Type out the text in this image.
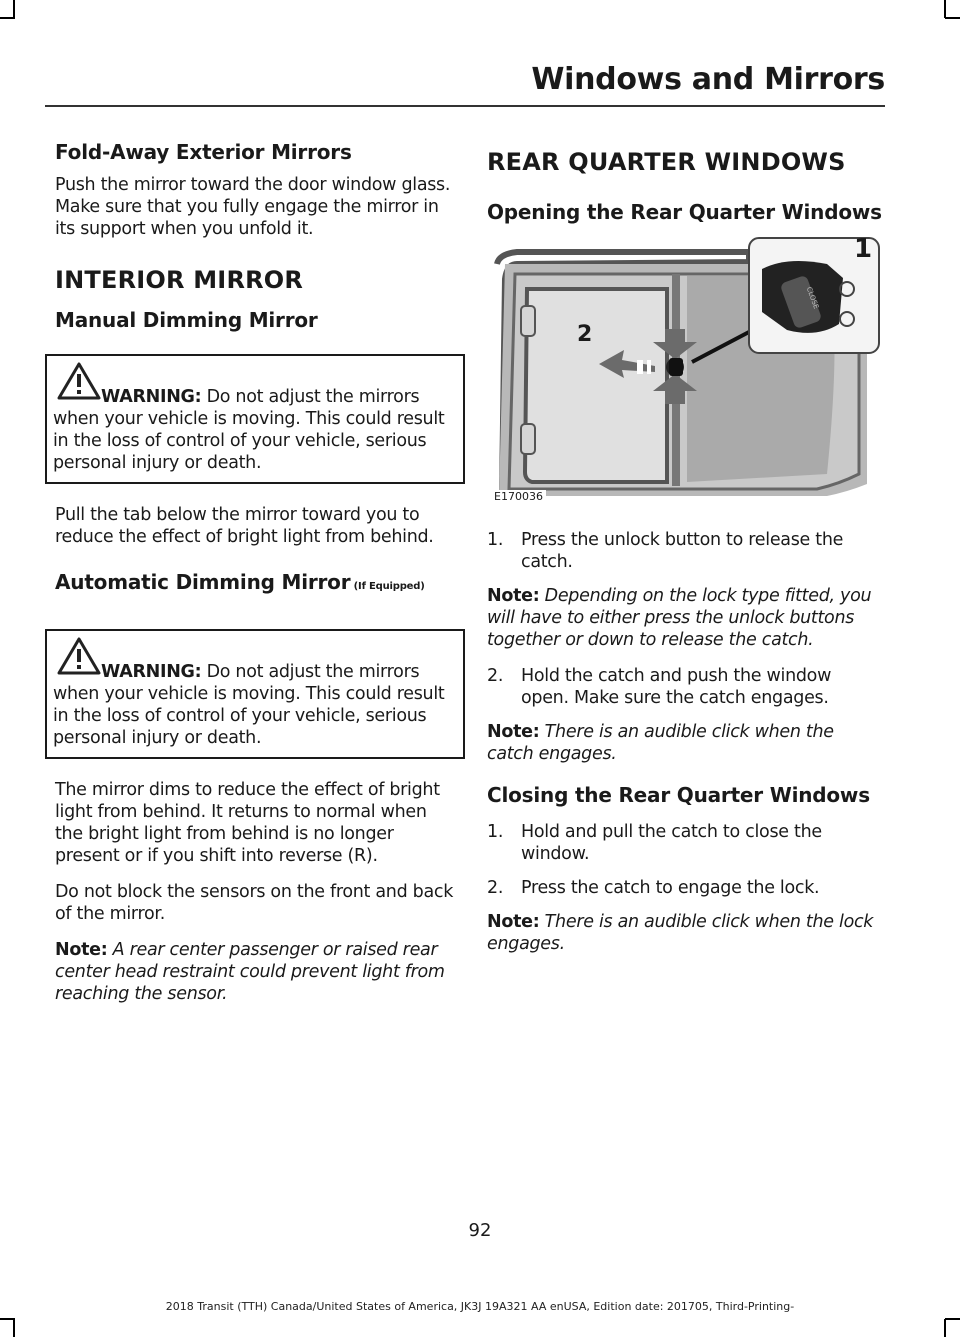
Windows and Mirrors
Fold-Away Exterior Mirrors

Push the mirror toward the door window glass. Make sure that you fully engage the mirror in its support when you unfold it.

INTERIOR MIRROR
Manual Dimming Mirror

WARNING: Do not adjust the mirrors when your vehicle is moving. This could result in the loss of control of your vehicle, serious personal injury or death.

Pull the tab below the mirror toward you to reduce the effect of bright light from behind.

Automatic Dimming Mirror (If Equipped)

WARNING: Do not adjust the mirrors when your vehicle is moving. This could result in the loss of control of your vehicle, serious personal injury or death.

The mirror dims to reduce the effect of bright light from behind. It returns to normal when the bright light from behind is no longer present or if you shift into reverse (R).

Do not block the sensors on the front and back of the mirror.

Note: A rear center passenger or raised rear center head restraint could prevent light from reaching the sensor.
REAR QUARTER WINDOWS
Opening the Rear Quarter Windows
1
2
CLOSE
E170036
1.	Press the unlock button to release the catch.
Note: Depending on the lock type fitted, you will have to either press the unlock buttons together or down to release the catch.
2.	Hold the catch and push the window open. Make sure the catch engages.
Note: There is an audible click when the catch engages.
Closing the Rear Quarter Windows
1.	Hold and pull the catch to close the window.
2.	Press the catch to engage the lock.
Note: There is an audible click when the lock engages.
92
2018 Transit (TTH) Canada/United States of America, JK3J 19A321 AA enUSA, Edition date: 201705, Third-Printing-
